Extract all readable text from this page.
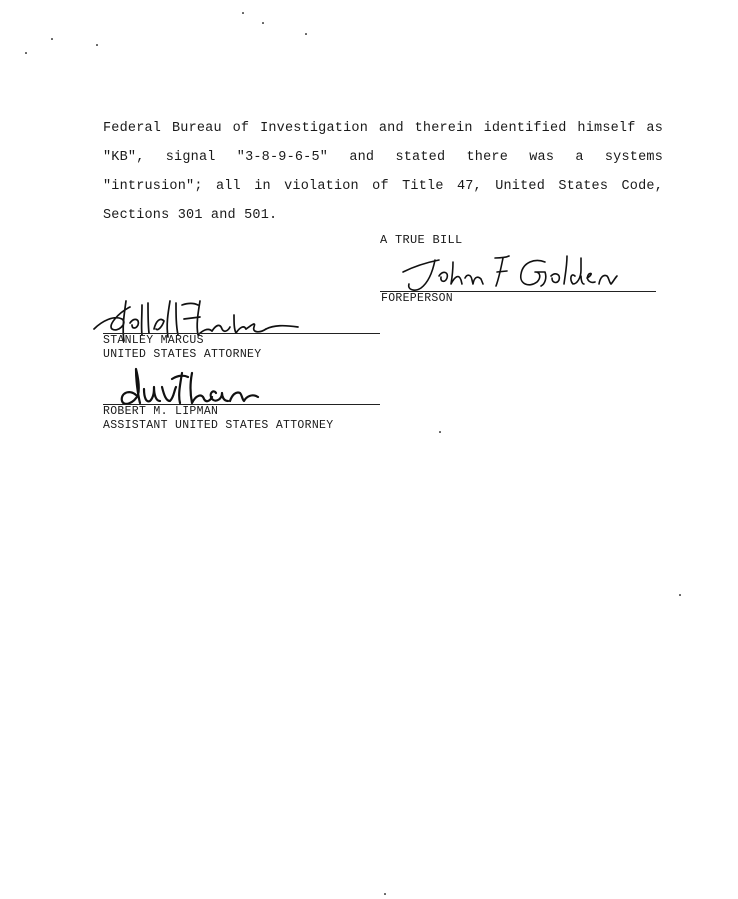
Federal Bureau of Investigation and therein identified himself as
"KB", signal "3-8-9-6-5" and stated there was a systems
"intrusion"; all in violation of Title 47, United States Code,
Sections 301 and 501.
A TRUE BILL
FOREPERSON
STANLEY MARCUS
UNITED STATES ATTORNEY
ROBERT M. LIPMAN
ASSISTANT UNITED STATES ATTORNEY
